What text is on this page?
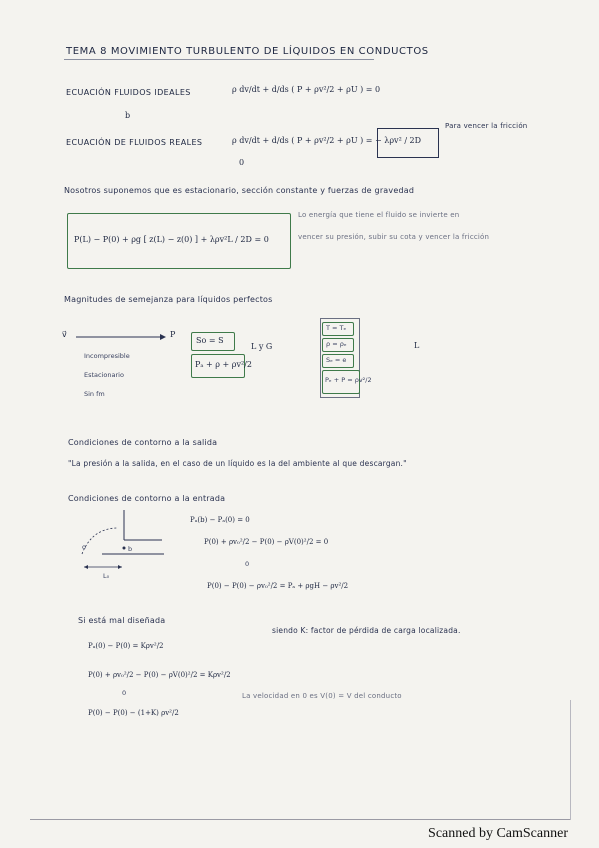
TEMA 8 MOVIMIENTO TURBULENTO DE LÍQUIDOS EN CONDUCTOS
ECUACIÓN FLUIDOS IDEALES	ρ dv/dt + d/ds ( P + ρv²/2 + ρU ) = 0
b
ECUACIÓN DE FLUIDOS REALES	ρ dv/dt + d/ds ( P + ρv²/2 + ρU ) = − λρv² / 2D
0
Para vencer la fricción
Nosotros suponemos que es estacionario, sección constante y fuerzas de gravedad
P(L) − P(0) + ρg [ z(L) − z(0) ] + λρv²L / 2D = 0
Lo energía que tiene el fluido se invierte en
vencer su presión, subir su cota y vencer la fricción
Magnitudes de semejanza para líquidos perfectos
v⃗	P
Incompresible
Estacionario
Sin fm
So = S
Pₐ + ρ + ρv²/2
L y G
T = Tₑ
ρ = ρₑ
Sₑ = e
Pₑ + P = ρv²/2
L
Condiciones de contorno a la salida
"La presión a la salida, en el caso de un líquido es la del ambiente al que descargan."
Condiciones de contorno a la entrada
o	b
L₀
Pₐ(b) − Pₐ(0) = 0
P(0) + ρv₀²/2 − P(0) − ρV(0)²/2 = 0
0
P(0) − P(0) − ρv₀²/2 = Pₐ + ρgH − ρv²/2
Si está mal diseñada
Pₐ(0) − P(0) = Kρv²/2
siendo K: factor de pérdida de carga localizada.
P(0) + ρv₀²/2 − P(0) − ρV(0)²/2 = Kρv²/2
0
P(0) − P(0) − (1+K) ρv²/2
La velocidad en 0 es V(0) = V del conducto
Scanned by CamScanner
